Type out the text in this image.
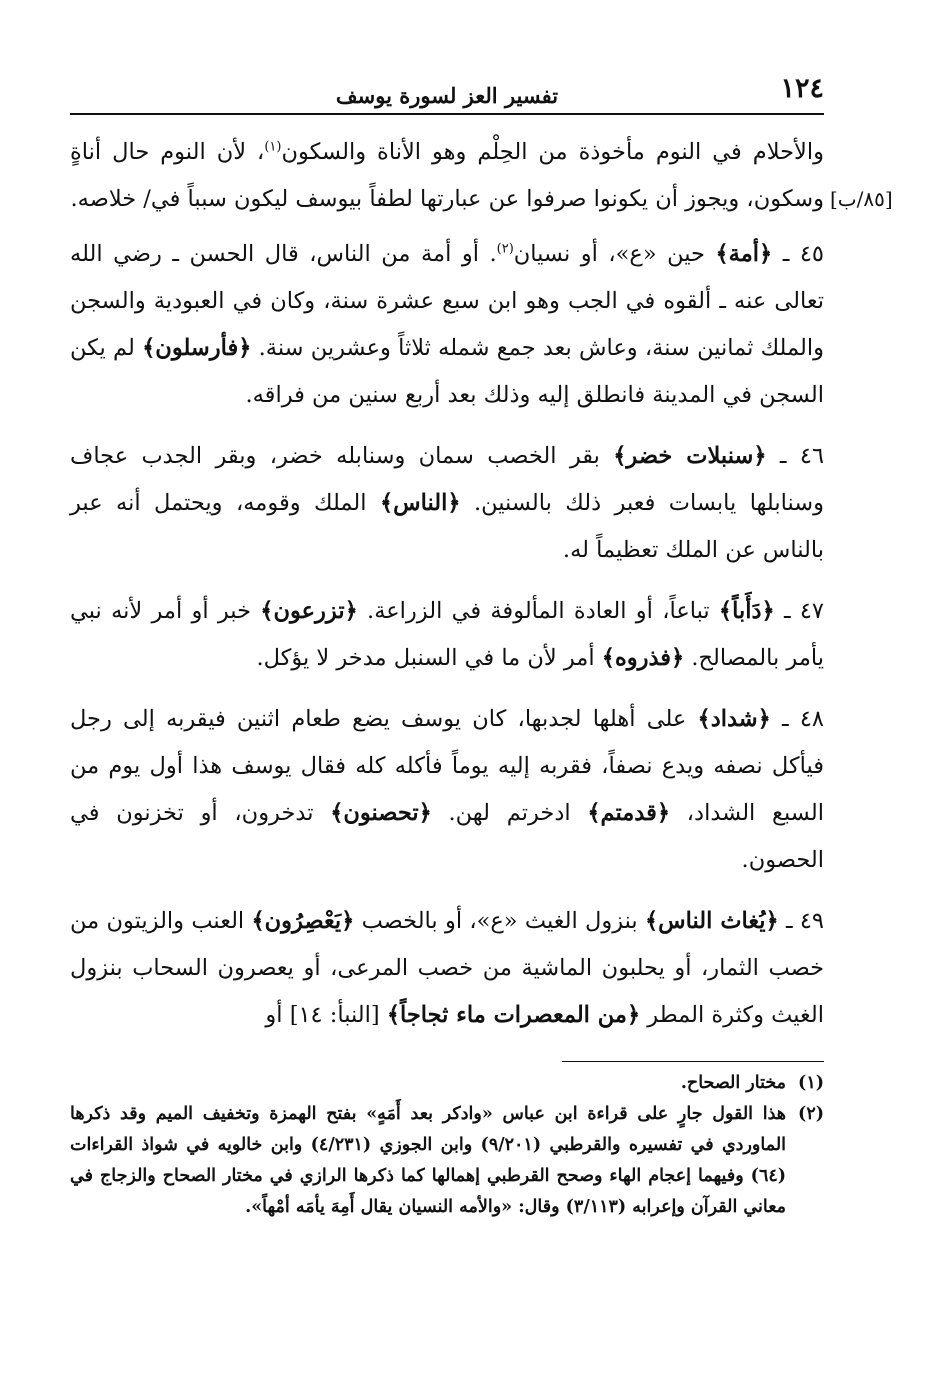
١٢٤
تفسير العز لسورة يوسف

والأحلام في النوم مأخوذة من الحِلْم وهو الأناة والسكون$^{(١)}$، لأن النوم حال أناةٍ وسكون، ويجوز أن يكونوا صرفوا عن عبارتها لطفاً بيوسف ليكون سبباً في/ خلاصه. [٨٥/ب]

٤٥ ـ ﴿أمة﴾ حين «ع»، أو نسيان$^{(٢)}$. أو أمة من الناس، قال الحسن ـ رضي الله تعالى عنه ـ ألقوه في الجب وهو ابن سبع عشرة سنة، وكان في العبودية والسجن والملك ثمانين سنة، وعاش بعد جمع شمله ثلاثاً وعشرين سنة. ﴿فأرسلون﴾ لم يكن السجن في المدينة فانطلق إليه وذلك بعد أربع سنين من فراقه.

٤٦ ـ ﴿سنبلات خضر﴾ بقر الخصب سمان وسنابله خضر، وبقر الجدب عجاف وسنابلها يابسات فعبر ذلك بالسنين. ﴿الناس﴾ الملك وقومه، ويحتمل أنه عبر بالناس عن الملك تعظيماً له.

٤٧ ـ ﴿دَأَباً﴾ تباعاً، أو العادة المألوفة في الزراعة. ﴿تزرعون﴾ خبر أو أمر لأنه نبي يأمر بالمصالح. ﴿فذروه﴾ أمر لأن ما في السنبل مدخر لا يؤكل.

٤٨ ـ ﴿شداد﴾ على أهلها لجدبها، كان يوسف يضع طعام اثنين فيقربه إلى رجل فيأكل نصفه ويدع نصفاً، فقربه إليه يوماً فأكله كله فقال يوسف هذا أول يوم من السبع الشداد، ﴿قدمتم﴾ ادخرتم لهن. ﴿تحصنون﴾ تدخرون، أو تخزنون في الحصون.

٤٩ ـ ﴿يُغاث الناس﴾ بنزول الغيث «ع»، أو بالخصب ﴿يَعْصِرُون﴾ العنب والزيتون من خصب الثمار، أو يحلبون الماشية من خصب المرعى، أو يعصرون السحاب بنزول الغيث وكثرة المطر ﴿من المعصرات ماء ثجاجاً﴾ [النبأ: ١٤] أو

(١)
مختار الصحاح.
(٢)
هذا القول جارٍ على قراءة ابن عباس «وادكر بعد أَمَهٍ» بفتح الهمزة وتخفيف الميم وقد ذكرها الماوردي في تفسيره والقرطبي (٩/٢٠١) وابن الجوزي (٤/٢٣١) وابن خالويه في شواذ القراءات (٦٤) وفيهما إعجام الهاء وصحح القرطبي إهمالها كما ذكرها الرازي في مختار الصحاح والزجاج في معاني القرآن وإعرابه (٣/١١٣) وقال: «والأمه النسيان يقال أَمِهَ يأمَه أمْهاً».
